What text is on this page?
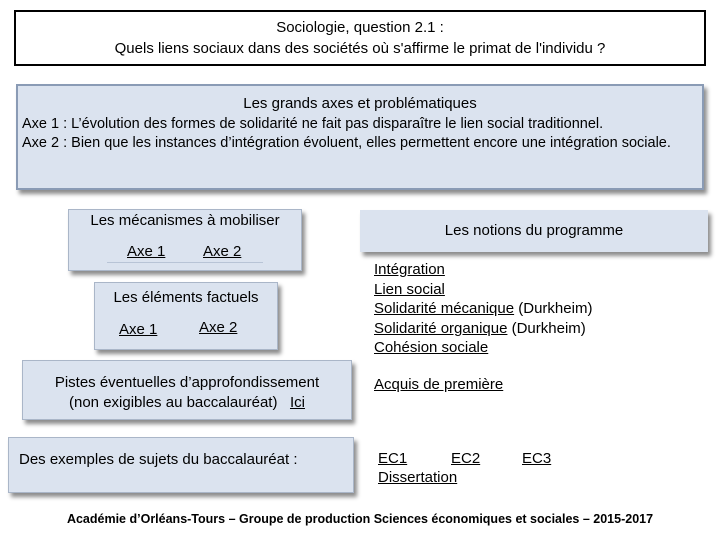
Sociologie, question 2.1 :
Quels liens sociaux dans des sociétés où s'affirme le primat de l'individu ?
Les grands axes et problématiques
Axe 1 : L’évolution des formes de solidarité ne fait pas disparaître le lien social traditionnel.
Axe 2 : Bien que les instances d’intégration évoluent, elles permettent encore une intégration sociale.
Les mécanismes à mobiliser
Axe 1	Axe 2
Les notions du programme
Les éléments factuels
Axe 1	Axe 2
Intégration
Lien social
Solidarité mécanique (Durkheim)
Solidarité organique (Durkheim)
Cohésion sociale
Acquis de première
Pistes éventuelles d’approfondissement
(non exigibles au baccalauréat) Ici
Des exemples de sujets du baccalauréat :	EC1	EC2	EC3
Dissertation
Académie d’Orléans-Tours – Groupe de production Sciences économiques et sociales – 2015-2017
